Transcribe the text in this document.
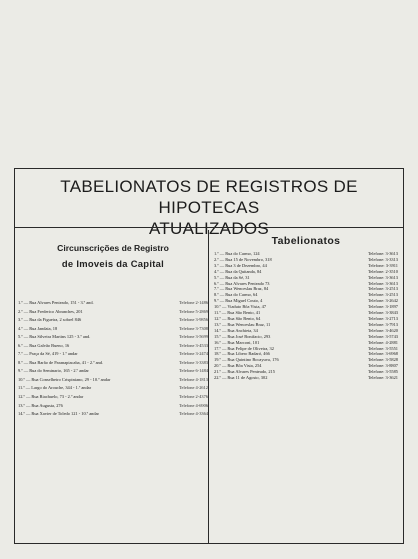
TABELIONATOS DE REGISTROS DE HIPOTECAS
ATUALIZADOS
Circunscrições de Registro
de Imoveis da Capital
1.º — Rua Alvares Penteado, 151 - 3.º and.	Telefone 2-1486
2.º — Rua Frederico Abranches, 201	Telefone 5-2869
3.º — Rua da Figueira, 2 sobrel 846	Telefone 3-9856
4.º — Rua Jandaia, 18	Telefone 3-7308
5.º — Rua Silveira Martins 125 - 3.º and.	Telefone 3-5699
6.º — Rua Galvão Bueno, 16	Telefone 3-4533
7.º — Praça da Sé, 419 - 1.º andar	Telefone 3-2474
8.º — Rua Barão de Paranapiacaba, 41 - 2.º and.	Telefone 3-3383
9.º — Rua do Seminario, 165 - 2.º andar	Telefone 6-1484
10.º — Rua Conselheiro Crispiniano, 29 - 10.º andar	Telefone 4-1813
11.º — Largo do Arouche, 344 - 1.º andar	Telefone 4-2612
12.º — Rua Riachuelo, 73 - 2.º andar	Telefone 2-4376
13.º — Rua Augusta, 276	Telefone 4-6906
14.º — Rua Xavier de Toledo 121 - 10.º andar	Telefone 4-3364
Tabelionatos
1.º — Rua do Carmo, 124	Telefone: 3-3613
2.º — Rua 15 de Novembro, 318	Telefone: 3-3313
3.º — Rua 3 de Dezembro, 44	Telefone: 3-3911
4.º — Rua da Quitanda, 84	Telefone: 2-3510
5.º — Rua da Sé, 31	Telefone: 3-3613
6.º — Rua Alvares Penteado 73	Telefone: 3-3613
7.º — Rua Wenceslau Braz, 84	Telefone: 3-2513
8.º — Rua do Carmo, 64	Telefone: 3-2513
9.º — Rua Miguel Couto, 4	Telefone: 3-2642
10.º — Viaduto Bôa Vista, 47	Telefone: 3-1897
11.º — Rua São Bento, 41	Telefone: 3-3843
12.º — Rua São Bento, 64	Telefone: 3-2713
13.º — Rua Wenceslau Braz, 11	Telefone: 3-7913
14.º — Rua Anchieta, 34	Telefone: 3-4620
15.º — Rua José Bonifacio, 293	Telefone: 3-5743
16.º — Rua Marconi, 101	Telefone: 4-2881
17.º — Rua Felipe de Oliveira, 32	Telefone: 3-5551
18.º — Rua Libero Badaró, 466	Telefone: 3-6968
19.º — Rua Quintino Bocayuva, 176	Telefone: 3-5828
20.º — Rua Bôa Vista, 254	Telefone: 3-8807
21.º — Rua Alvares Penteado, 215	Telefone: 3-5585
22.º — Rua 11 de Agosto, 302	Telefone: 3-3621
